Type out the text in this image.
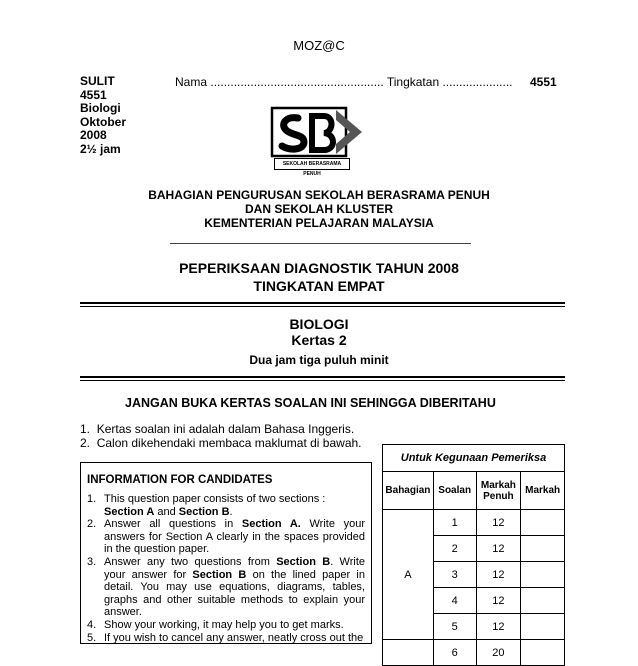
MOZ@C
SULIT
4551
Biologi
Oktober
2008
2½ jam
Nama .................................................... Tingkatan ..................... 4551
SEKOLAH BERASRAMA PENUH
BAHAGIAN PENGURUSAN SEKOLAH BERASRAMA PENUH
DAN SEKOLAH KLUSTER
KEMENTERIAN PELAJARAN MALAYSIA
PEPERIKSAAN DIAGNOSTIK TAHUN 2008
TINGKATAN EMPAT
BIOLOGI
Kertas 2
Dua jam tiga puluh minit
JANGAN BUKA KERTAS SOALAN INI SEHINGGA DIBERITAHU
1. Kertas soalan ini adalah dalam Bahasa Inggeris.
2. Calon dikehendaki membaca maklumat di bawah.
INFORMATION FOR CANDIDATES
1. This question paper consists of two sections :
Section A and Section B.
2. Answer all questions in Section A. Write your answers for Section A clearly in the spaces provided in the question paper.
3. Answer any two questions from Section B. Write your answer for Section B on the lined paper in detail. You may use equations, diagrams, tables, graphs and other suitable methods to explain your answer.
4. Show your working, it may help you to get marks.
5. If you wish to cancel any answer, neatly cross out the
Untuk Kegunaan Pemeriksa			
Bahagian	Soalan	Markah Penuh	Markah
A	1	12	
	2	12	
	3	12	
	4	12	
	5	12	
	6	20	
